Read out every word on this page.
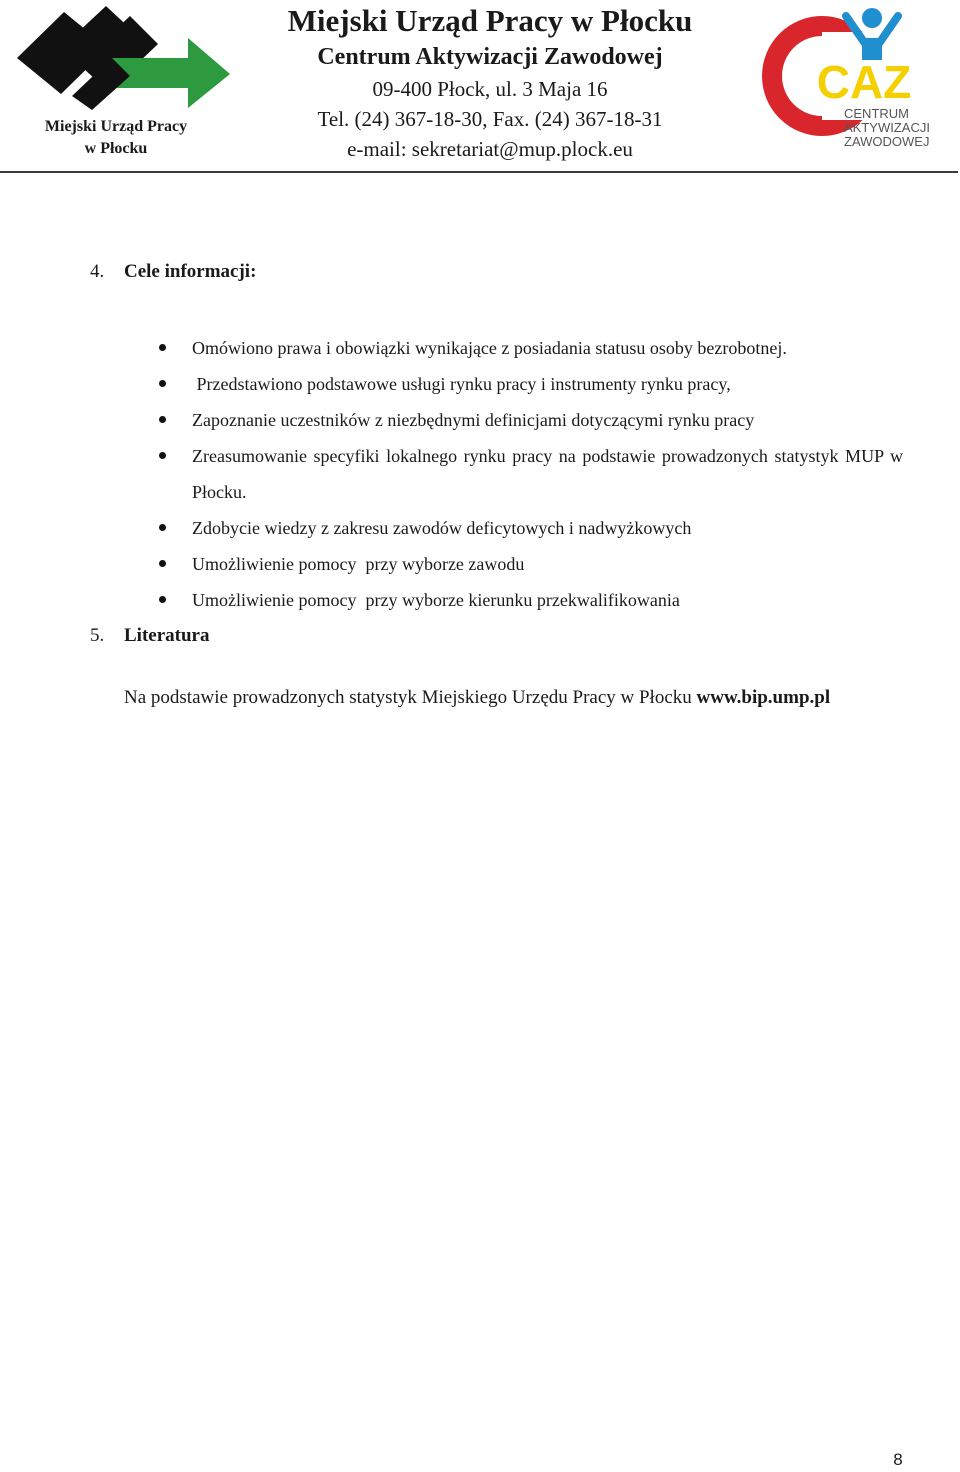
Miejski Urząd Pracy
w Płocku
Miejski Urząd Pracy w Płocku
Centrum Aktywizacji Zawodowej
09-400 Płock, ul. 3 Maja 16
Tel. (24) 367-18-30, Fax. (24) 367-18-31
e-mail: sekretariat@mup.plock.eu
CAZ
CENTRUM
AKTYWIZACJI
ZAWODOWEJ
4. Cele informacji:
Omówiono prawa i obowiązki wynikające z posiadania statusu osoby bezrobotnej.
Przedstawiono podstawowe usługi rynku pracy i instrumenty rynku pracy,
Zapoznanie uczestników z niezbędnymi definicjami dotyczącymi rynku pracy
Zreasumowanie specyfiki lokalnego rynku pracy na podstawie prowadzonych statystyk MUP w Płocku.
Zdobycie wiedzy z zakresu zawodów deficytowych i nadwyżkowych
Umożliwienie pomocy  przy wyborze zawodu
Umożliwienie pomocy  przy wyborze kierunku przekwalifikowania
5. Literatura
Na podstawie prowadzonych statystyk Miejskiego Urzędu Pracy w Płocku www.bip.ump.pl
8
